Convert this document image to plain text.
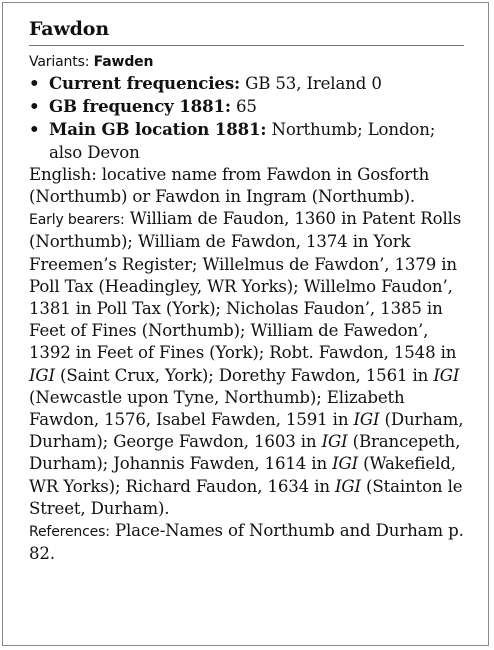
Fawdon
Variants: Fawden
• Current frequencies: GB 53, Ireland 0
• GB frequency 1881: 65
• Main GB location 1881: Northumb; London; also Devon
English: locative name from Fawdon in Gosforth (Northumb) or Fawdon in Ingram (Northumb).
Early bearers: William de Faudon, 1360 in Patent Rolls (Northumb); William de Fawdon, 1374 in York Freemen’s Register; Willelmus de Fawdon’, 1379 in Poll Tax (Headingley, WR Yorks); Willelmo Faudon’, 1381 in Poll Tax (York); Nicholas Faudon’, 1385 in Feet of Fines (Northumb); William de Fawedon’, 1392 in Feet of Fines (York); Robt. Fawdon, 1548 in IGI (Saint Crux, York); Dorethy Fawdon, 1561 in IGI (Newcastle upon Tyne, Northumb); Elizabeth Fawdon, 1576, Isabel Fawden, 1591 in IGI (Durham, Durham); George Fawdon, 1603 in IGI (Brancepeth, Durham); Johannis Fawden, 1614 in IGI (Wakefield, WR Yorks); Richard Faudon, 1634 in IGI (Stainton le Street, Durham).
References: Place-Names of Northumb and Durham p. 82.
